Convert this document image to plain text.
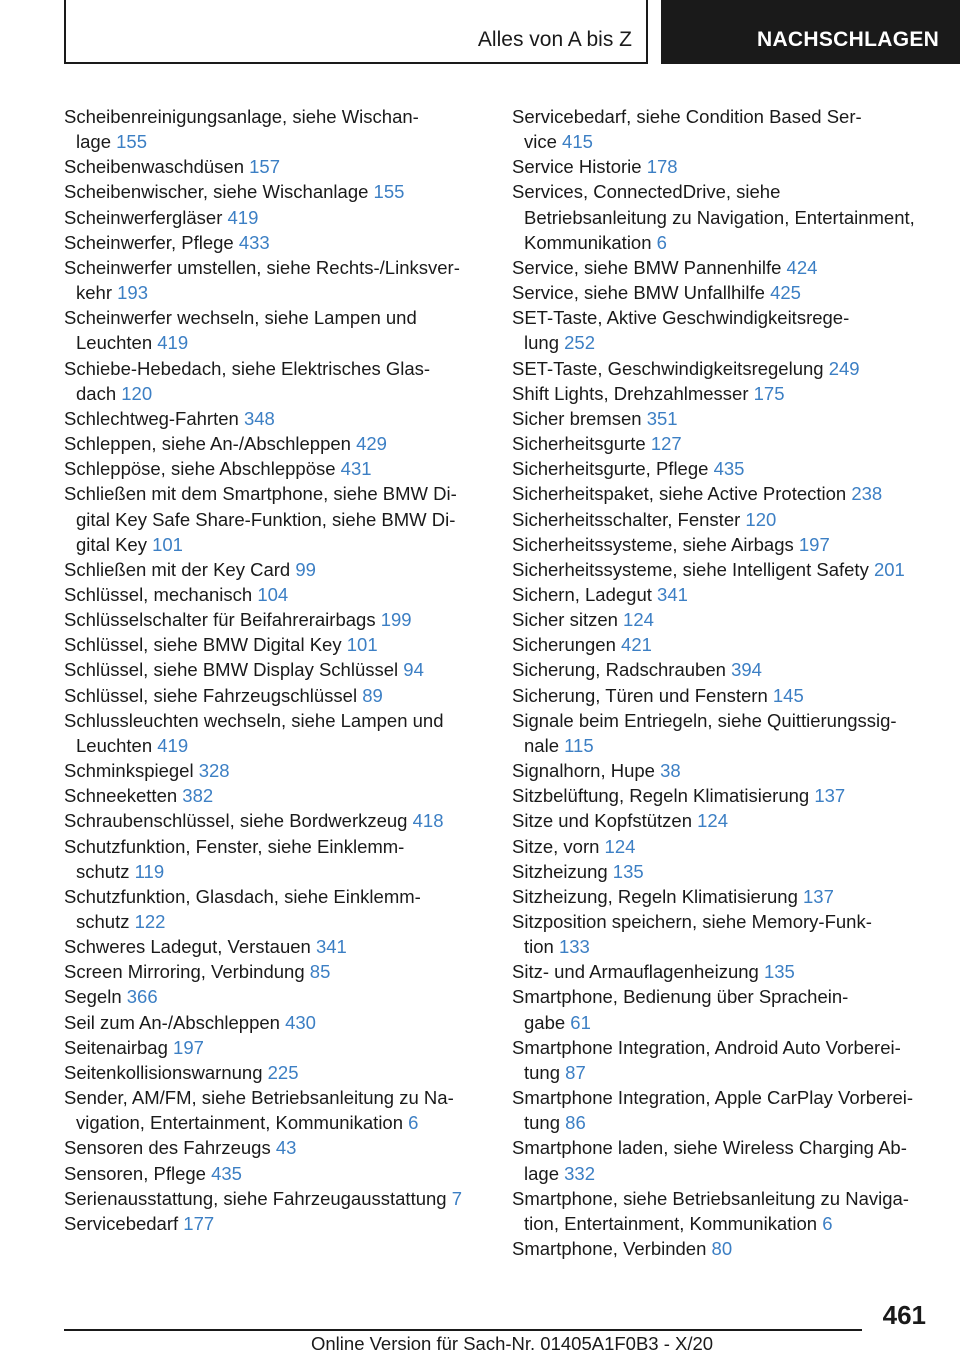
Alles von A bis Z	NACHSCHLAGEN
Scheibenreinigungsanlage, siehe Wischan-
lage 155
Scheibenwaschdüsen 157
Scheibenwischer, siehe Wischanlage 155
Scheinwerfergläser 419
Scheinwerfer, Pflege 433
Scheinwerfer umstellen, siehe Rechts-/Linksver-
kehr 193
Scheinwerfer wechseln, siehe Lampen und
Leuchten 419
Schiebe-Hebedach, siehe Elektrisches Glas-
dach 120
Schlechtweg-Fahrten 348
Schleppen, siehe An-/Abschleppen 429
Schleppöse, siehe Abschleppöse 431
Schließen mit dem Smartphone, siehe BMW Di-
gital Key Safe Share-Funktion, siehe BMW Di-
gital Key 101
Schließen mit der Key Card 99
Schlüssel, mechanisch 104
Schlüsselschalter für Beifahrerairbags 199
Schlüssel, siehe BMW Digital Key 101
Schlüssel, siehe BMW Display Schlüssel 94
Schlüssel, siehe Fahrzeugschlüssel 89
Schlussleuchten wechseln, siehe Lampen und
Leuchten 419
Schminkspiegel 328
Schneeketten 382
Schraubenschlüssel, siehe Bordwerkzeug 418
Schutzfunktion, Fenster, siehe Einklemm-
schutz 119
Schutzfunktion, Glasdach, siehe Einklemm-
schutz 122
Schweres Ladegut, Verstauen 341
Screen Mirroring, Verbindung 85
Segeln 366
Seil zum An-/Abschleppen 430
Seitenairbag 197
Seitenkollisionswarnung 225
Sender, AM/FM, siehe Betriebsanleitung zu Na-
vigation, Entertainment, Kommunikation 6
Sensoren des Fahrzeugs 43
Sensoren, Pflege 435
Serienausstattung, siehe Fahrzeugausstattung 7
Servicebedarf 177
Servicebedarf, siehe Condition Based Ser-
vice 415
Service Historie 178
Services, ConnectedDrive, siehe
Betriebsanleitung zu Navigation, Entertainment,
Kommunikation 6
Service, siehe BMW Pannenhilfe 424
Service, siehe BMW Unfallhilfe 425
SET-Taste, Aktive Geschwindigkeitsrege-
lung 252
SET-Taste, Geschwindigkeitsregelung 249
Shift Lights, Drehzahlmesser 175
Sicher bremsen 351
Sicherheitsgurte 127
Sicherheitsgurte, Pflege 435
Sicherheitspaket, siehe Active Protection 238
Sicherheitsschalter, Fenster 120
Sicherheitssysteme, siehe Airbags 197
Sicherheitssysteme, siehe Intelligent Safety 201
Sichern, Ladegut 341
Sicher sitzen 124
Sicherungen 421
Sicherung, Radschrauben 394
Sicherung, Türen und Fenstern 145
Signale beim Entriegeln, siehe Quittierungssig-
nale 115
Signalhorn, Hupe 38
Sitzbelüftung, Regeln Klimatisierung 137
Sitze und Kopfstützen 124
Sitze, vorn 124
Sitzheizung 135
Sitzheizung, Regeln Klimatisierung 137
Sitzposition speichern, siehe Memory-Funk-
tion 133
Sitz- und Armauflagenheizung 135
Smartphone, Bedienung über Sprachein-
gabe 61
Smartphone Integration, Android Auto Vorberei-
tung 87
Smartphone Integration, Apple CarPlay Vorberei-
tung 86
Smartphone laden, siehe Wireless Charging Ab-
lage 332
Smartphone, siehe Betriebsanleitung zu Naviga-
tion, Entertainment, Kommunikation 6
Smartphone, Verbinden 80
461
Online Version für Sach-Nr. 01405A1F0B3 - X/20
